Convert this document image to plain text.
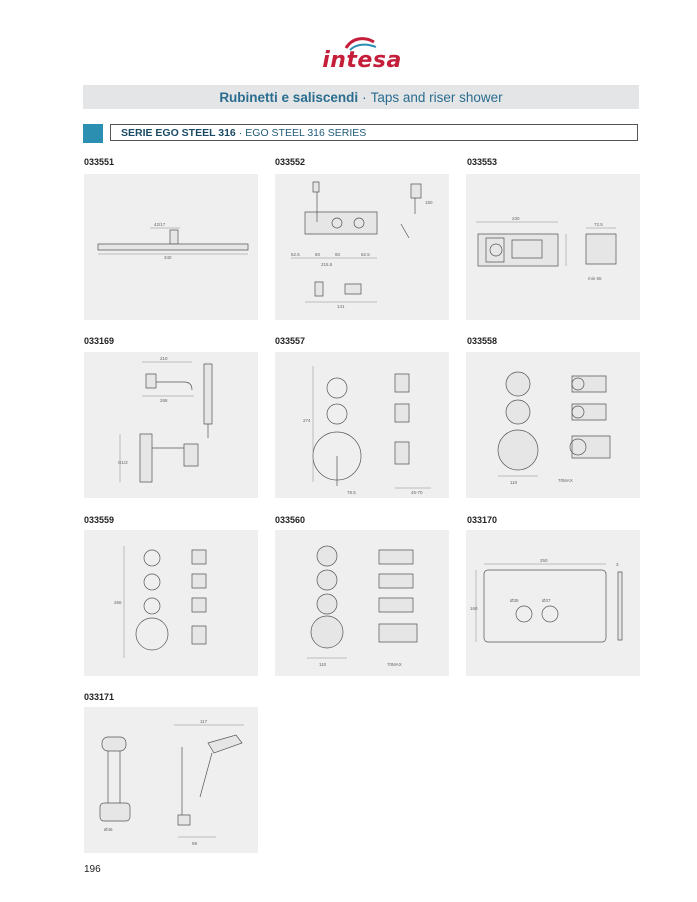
intesa
Rubinetti e saliscendi · Taps and riser shower
SERIE EGO STEEL 316 · EGO STEEL 316 SERIES
033551
42/17
340
033552
62.5	60	60	62.5
215.5
141
150
033553
230
72.5
min 65
033169
210
268
G1/2
033557
274
78.5	45-70
033558
110	70MAX
033559
266
033560
110	70MAX
033170
250
Ø35	Ø37
160
3
033171
Ø46
117
99
196
